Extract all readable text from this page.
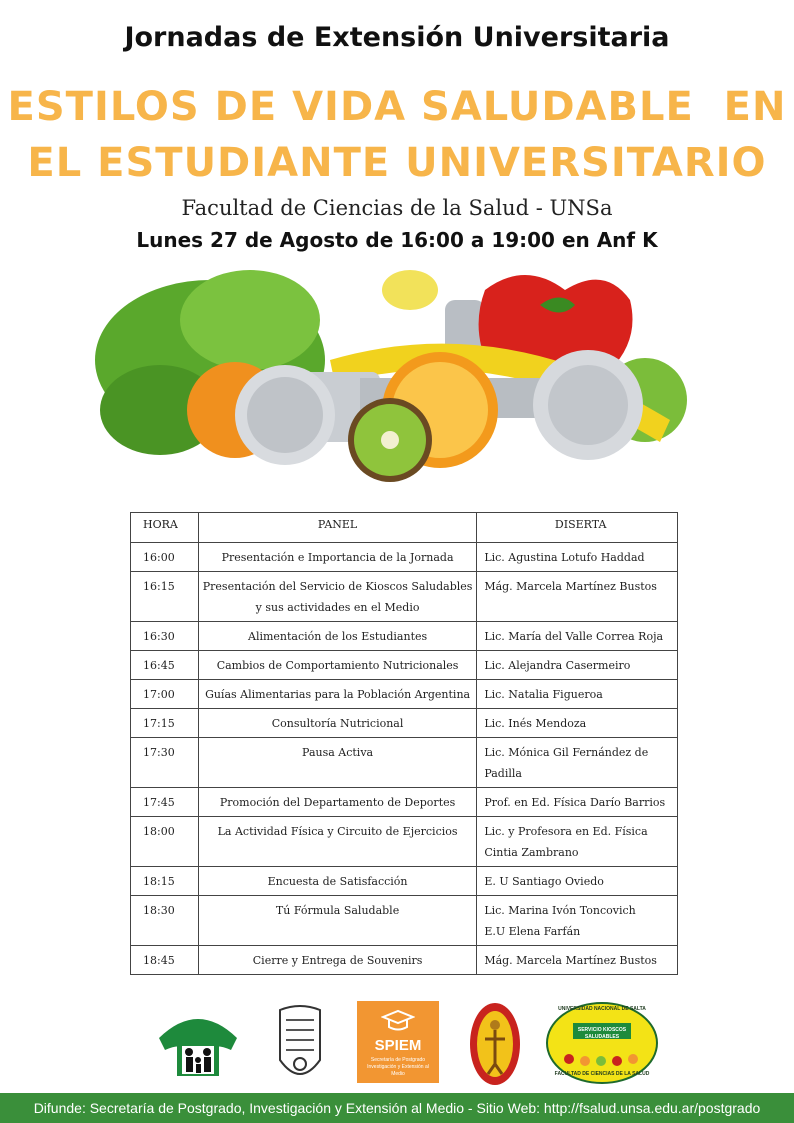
Jornadas de Extensión Universitaria
ESTILOS DE VIDA SALUDABLE  EN
EL ESTUDIANTE UNIVERSITARIO
Facultad de Ciencias de la Salud - UNSa
Lunes 27 de Agosto de 16:00 a 19:00 en Anf K
HORA	PANEL	DISERTA
16:00	Presentación e Importancia de la Jornada	Lic. Agustina Lotufo Haddad

16:15	Presentación del Servicio de Kioscos Saludables y sus actividades en el Medio	Mág. Marcela Martínez Bustos

16:30	Alimentación de los Estudiantes	Lic. María del Valle Correa Roja

16:45	Cambios de Comportamiento Nutricionales	Lic. Alejandra Casermeiro

17:00	Guías Alimentarias para la Población Argentina	Lic. Natalia Figueroa

17:15	Consultoría Nutricional	Lic. Inés Mendoza

17:30	Pausa Activa	Lic. Mónica Gil Fernández de Padilla

17:45	Promoción del Departamento de Deportes	Prof. en Ed. Física Darío Barrios

18:00	La Actividad Física y Circuito de Ejercicios	Lic. y Profesora en Ed. Física
Cintia Zambrano

18:15	Encuesta de Satisfacción	E. U Santiago Oviedo

18:30	Tú Fórmula Saludable	Lic. Marina Ivón Toncovich
E.U Elena Farfán

18:45	Cierre y Entrega de Souvenirs	Mág. Marcela Martínez Bustos
SPIEM
Secretaría de Postgrado Investigación y Extensión al Medio
UNIVERSIDAD NACIONAL DE SALTA
SERVICIO KIOSCOS SALUDABLES
FACULTAD DE CIENCIAS DE LA SALUD
Difunde: Secretaría de Postgrado, Investigación y Extensión al Medio - Sitio Web: http://fsalud.unsa.edu.ar/postgrado
